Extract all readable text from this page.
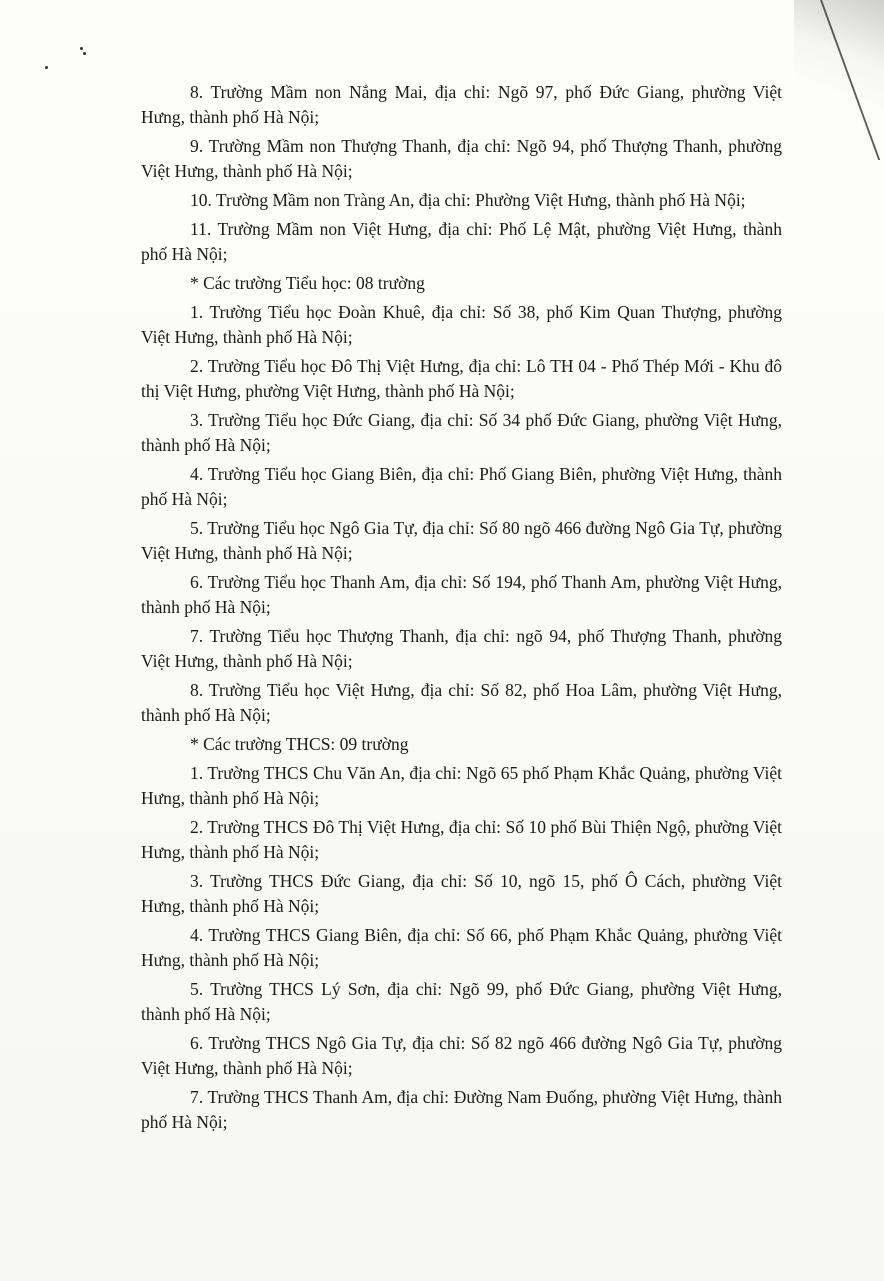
8. Trường Mầm non Nắng Mai, địa chỉ: Ngõ 97, phố Đức Giang, phường Việt Hưng, thành phố Hà Nội;

9. Trường Mầm non Thượng Thanh, địa chỉ: Ngõ 94, phố Thượng Thanh, phường Việt Hưng, thành phố Hà Nội;

10. Trường Mầm non Tràng An, địa chỉ: Phường Việt Hưng, thành phố Hà Nội;

11. Trường Mầm non Việt Hưng, địa chỉ: Phố Lệ Mật, phường Việt Hưng, thành phố Hà Nội;

* Các trường Tiểu học: 08 trường

1. Trường Tiểu học Đoàn Khuê, địa chỉ: Số 38, phố Kim Quan Thượng, phường Việt Hưng, thành phố Hà Nội;

2. Trường Tiểu học Đô Thị Việt Hưng, địa chỉ: Lô TH 04 - Phố Thép Mới - Khu đô thị Việt Hưng, phường Việt Hưng, thành phố Hà Nội;

3. Trường Tiểu học Đức Giang, địa chỉ: Số 34 phố Đức Giang, phường Việt Hưng, thành phố Hà Nội;

4. Trường Tiểu học Giang Biên, địa chỉ: Phố Giang Biên, phường Việt Hưng, thành phố Hà Nội;

5. Trường Tiểu học Ngô Gia Tự, địa chỉ: Số 80 ngõ 466 đường Ngô Gia Tự, phường Việt Hưng, thành phố Hà Nội;

6. Trường Tiểu học Thanh Am, địa chỉ: Số 194, phố Thanh Am, phường Việt Hưng, thành phố Hà Nội;

7. Trường Tiểu học Thượng Thanh, địa chỉ: ngõ 94, phố Thượng Thanh, phường Việt Hưng, thành phố Hà Nội;

8. Trường Tiểu học Việt Hưng, địa chỉ: Số 82, phố Hoa Lâm, phường Việt Hưng, thành phố Hà Nội;

* Các trường THCS: 09 trường

1. Trường THCS Chu Văn An, địa chỉ: Ngõ 65 phố Phạm Khắc Quảng, phường Việt Hưng, thành phố Hà Nội;

2. Trường THCS Đô Thị Việt Hưng, địa chỉ: Số 10 phố Bùi Thiện Ngộ, phường Việt Hưng, thành phố Hà Nội;

3. Trường THCS Đức Giang, địa chỉ: Số 10, ngõ 15, phố Ô Cách, phường Việt Hưng, thành phố Hà Nội;

4. Trường THCS Giang Biên, địa chỉ: Số 66, phố Phạm Khắc Quảng, phường Việt Hưng, thành phố Hà Nội;

5. Trường THCS Lý Sơn, địa chỉ: Ngõ 99, phố Đức Giang, phường Việt Hưng, thành phố Hà Nội;

6. Trường THCS Ngô Gia Tự, địa chỉ: Số 82 ngõ 466 đường Ngô Gia Tự, phường Việt Hưng, thành phố Hà Nội;

7. Trường THCS Thanh Am, địa chỉ: Đường Nam Đuống, phường Việt Hưng, thành phố Hà Nội;
